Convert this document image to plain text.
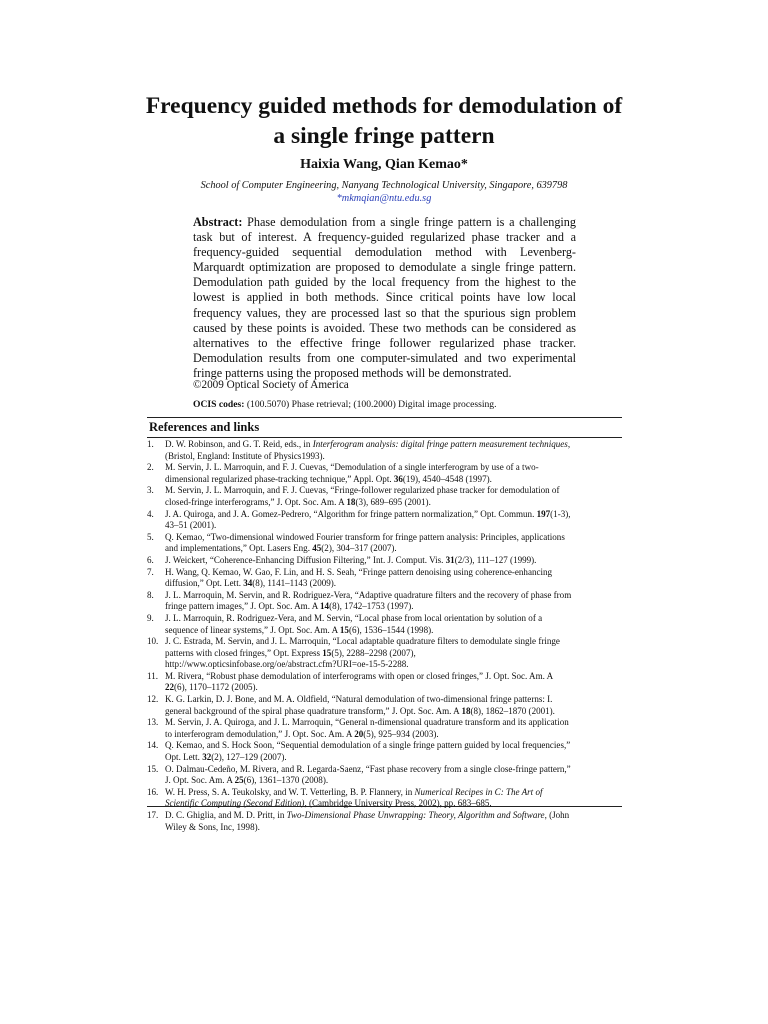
Frequency guided methods for demodulation of
a single fringe pattern
Haixia Wang, Qian Kemao*
School of Computer Engineering, Nanyang Technological University, Singapore, 639798
*mkmqian@ntu.edu.sg
Abstract: Phase demodulation from a single fringe pattern is a challenging
task but of interest. A frequency-guided regularized phase tracker and a
frequency-guided sequential demodulation method with Levenberg-
Marquardt optimization are proposed to demodulate a single fringe pattern.
Demodulation path guided by the local frequency from the highest to the
lowest is applied in both methods. Since critical points have low local
frequency values, they are processed last so that the spurious sign problem
caused by these points is avoided. These two methods can be considered as
alternatives to the effective fringe follower regularized phase tracker.
Demodulation results from one computer-simulated and two experimental
fringe patterns using the proposed methods will be demonstrated.
©2009 Optical Society of America
OCIS codes: (100.5070) Phase retrieval; (100.2000) Digital image processing.
References and links
1.	D. W. Robinson, and G. T. Reid, eds., in Interferogram analysis: digital fringe pattern measurement techniques,
(Bristol, England: Institute of Physics1993).
2.	M. Servin, J. L. Marroquin, and F. J. Cuevas, “Demodulation of a single interferogram by use of a two-
dimensional regularized phase-tracking technique,” Appl. Opt. 36(19), 4540–4548 (1997).
3.	M. Servin, J. L. Marroquin, and F. J. Cuevas, “Fringe-follower regularized phase tracker for demodulation of
closed-fringe interferograms,” J. Opt. Soc. Am. A 18(3), 689–695 (2001).
4.	J. A. Quiroga, and J. A. Gomez-Pedrero, “Algorithm for fringe pattern normalization,” Opt. Commun. 197(1-3),
43–51 (2001).
5.	Q. Kemao, “Two-dimensional windowed Fourier transform for fringe pattern analysis: Principles, applications
and implementations,” Opt. Lasers Eng. 45(2), 304–317 (2007).
6.	J. Weickert, “Coherence-Enhancing Diffusion Filtering,” Int. J. Comput. Vis. 31(2/3), 111–127 (1999).
7.	H. Wang, Q. Kemao, W. Gao, F. Lin, and H. S. Seah, “Fringe pattern denoising using coherence-enhancing
diffusion,” Opt. Lett. 34(8), 1141–1143 (2009).
8.	J. L. Marroquin, M. Servin, and R. Rodriguez-Vera, “Adaptive quadrature filters and the recovery of phase from
fringe pattern images,” J. Opt. Soc. Am. A 14(8), 1742–1753 (1997).
9.	J. L. Marroquin, R. Rodriguez-Vera, and M. Servin, “Local phase from local orientation by solution of a
sequence of linear systems,” J. Opt. Soc. Am. A 15(6), 1536–1544 (1998).
10. J. C. Estrada, M. Servin, and J. L. Marroquin, “Local adaptable quadrature filters to demodulate single fringe
patterns with closed fringes,” Opt. Express 15(5), 2288–2298 (2007),
http://www.opticsinfobase.org/oe/abstract.cfm?URI=oe-15-5-2288.
11. M. Rivera, “Robust phase demodulation of interferograms with open or closed fringes,” J. Opt. Soc. Am. A
22(6), 1170–1172 (2005).
12. K. G. Larkin, D. J. Bone, and M. A. Oldfield, “Natural demodulation of two-dimensional fringe patterns: I.
general background of the spiral phase quadrature transform,” J. Opt. Soc. Am. A 18(8), 1862–1870 (2001).
13. M. Servin, J. A. Quiroga, and J. L. Marroquin, “General n-dimensional quadrature transform and its application
to interferogram demodulation,” J. Opt. Soc. Am. A 20(5), 925–934 (2003).
14. Q. Kemao, and S. Hock Soon, “Sequential demodulation of a single fringe pattern guided by local frequencies,”
Opt. Lett. 32(2), 127–129 (2007).
15. O. Dalmau-Cedeño, M. Rivera, and R. Legarda-Saenz, “Fast phase recovery from a single close-fringe pattern,”
J. Opt. Soc. Am. A 25(6), 1361–1370 (2008).
16. W. H. Press, S. A. Teukolsky, and W. T. Vetterling, B. P. Flannery, in Numerical Recipes in C: The Art of
Scientific Computing (Second Edition), (Cambridge University Press, 2002), pp. 683–685.
17. D. C. Ghiglia, and M. D. Pritt, in Two-Dimensional Phase Unwrapping: Theory, Algorithm and Software, (John
Wiley & Sons, Inc, 1998).
